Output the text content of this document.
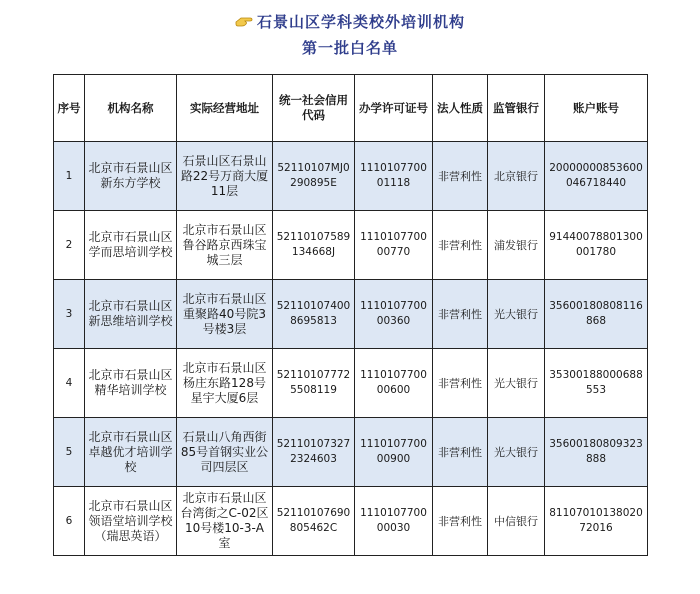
石景山区学科类校外培训机构
第一批白名单
序号	机构名称	实际经营地址	统一社会信用代码	办学许可证号	法人性质	监管银行	账户账号
1	北京市石景山区新东方学校	石景山区石景山路22号万商大厦11层	52110107MJ0290895E	111010770001118	非营利性	北京银行	20000000853600046718440
2	北京市石景山区学而思培训学校	北京市石景山区鲁谷路京西珠宝城三层	52110107589134668J	111010770000770	非营利性	浦发银行	91440078801300001780
3	北京市石景山区新思维培训学校	北京市石景山区重聚路40号院3号楼3层	521101074008695813	111010770000360	非营利性	光大银行	35600180808116868
4	北京市石景山区精华培训学校	北京市石景山区杨庄东路128号星宇大厦6层	521101077725508119	111010770000600	非营利性	光大银行	35300188000688553
5	北京市石景山区卓越优才培训学校	石景山八角西街85号首钢实业公司四层区	521101073272324603	111010770000900	非营利性	光大银行	35600180809323888
6	北京市石景山区领语堂培训学校（瑞思英语）	北京市石景山区台湾街之C-02区10号楼10-3-A室	52110107690805462C	111010770000030	非营利性	中信银行	8110701013802072016
